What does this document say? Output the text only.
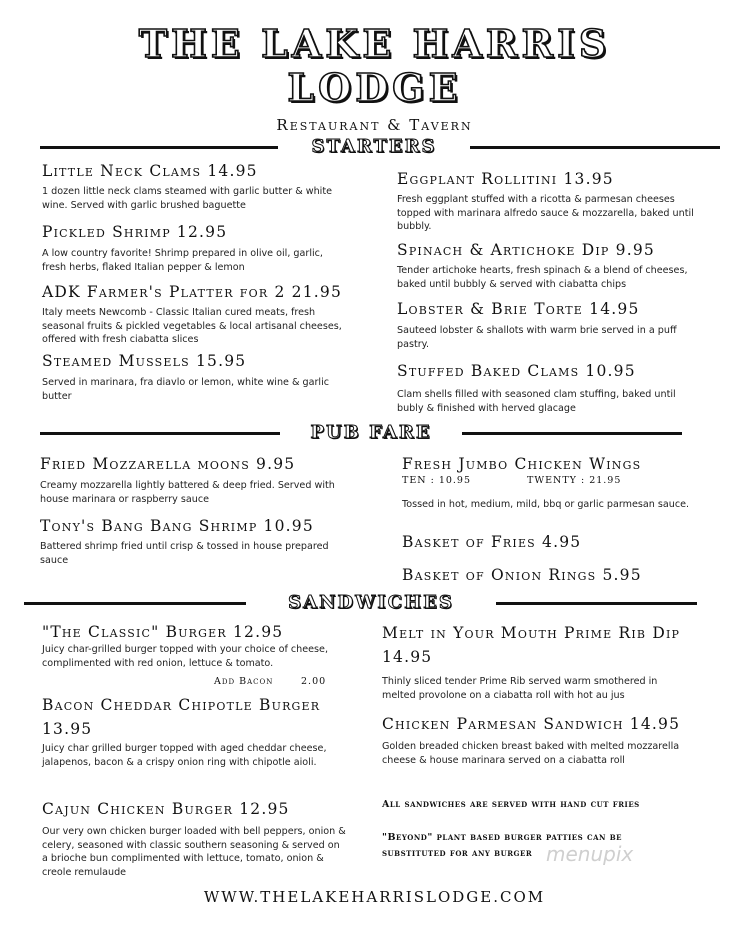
THE LAKE HARRIS
LODGE
Restaurant & Tavern
STARTERS
Little Neck Clams 14.95
1 dozen little neck clams steamed with garlic butter & white wine. Served with garlic brushed baguette
Pickled Shrimp 12.95
A low country favorite! Shrimp prepared in olive oil, garlic, fresh herbs, flaked Italian pepper & lemon
ADK Farmer's Platter for 2 21.95
Italy meets Newcomb - Classic Italian cured meats, fresh seasonal fruits & pickled vegetables & local artisanal cheeses, offered with fresh ciabatta slices
Steamed Mussels 15.95
Served in marinara, fra diavlo or lemon, white wine & garlic butter
Eggplant Rollitini 13.95
Fresh eggplant stuffed with a ricotta & parmesan cheeses topped with marinara alfredo sauce & mozzarella, baked until bubbly.
Spinach & Artichoke Dip 9.95
Tender artichoke hearts, fresh spinach & a blend of cheeses, baked until bubbly & served with ciabatta chips
Lobster & Brie Torte 14.95
Sauteed lobster & shallots with warm brie served in a puff pastry.
Stuffed Baked Clams 10.95
Clam shells filled with seasoned clam stuffing, baked until bubly & finished with herved glacage
PUB FARE
Fried Mozzarella moons 9.95
Creamy mozzarella lightly battered & deep fried. Served with house marinara or raspberry sauce
Tony's Bang Bang Shrimp 10.95
Battered shrimp fried until crisp & tossed in house prepared sauce
Fresh Jumbo Chicken Wings
TEN : 10.95	TWENTY : 21.95
Tossed in hot, medium, mild, bbq or garlic parmesan sauce.
Basket of Fries 4.95
Basket of Onion Rings 5.95
SANDWICHES
"The Classic" Burger 12.95
Juicy char-grilled burger topped with your choice of cheese, complimented with red onion, lettuce & tomato.
Add Bacon	2.00
Bacon Cheddar Chipotle Burger
13.95
Juicy char grilled burger topped with aged cheddar cheese, jalapenos, bacon & a crispy onion ring with chipotle aioli.
Cajun Chicken Burger 12.95
Our very own chicken burger loaded with bell peppers, onion & celery, seasoned with classic southern seasoning & served on a brioche bun complimented with lettuce, tomato, onion & creole remulaude
Melt in Your Mouth Prime Rib Dip
14.95
Thinly sliced tender Prime Rib served warm smothered in melted provolone on a ciabatta roll with hot au jus
Chicken Parmesan Sandwich 14.95
Golden breaded chicken breast baked with melted mozzarella cheese & house marinara served on a ciabatta roll
All sandwiches are served with hand cut fries
"Beyond" plant based burger patties can be substituted for any burger menupix
WWW.THELAKEHARRISLODGE.COM
